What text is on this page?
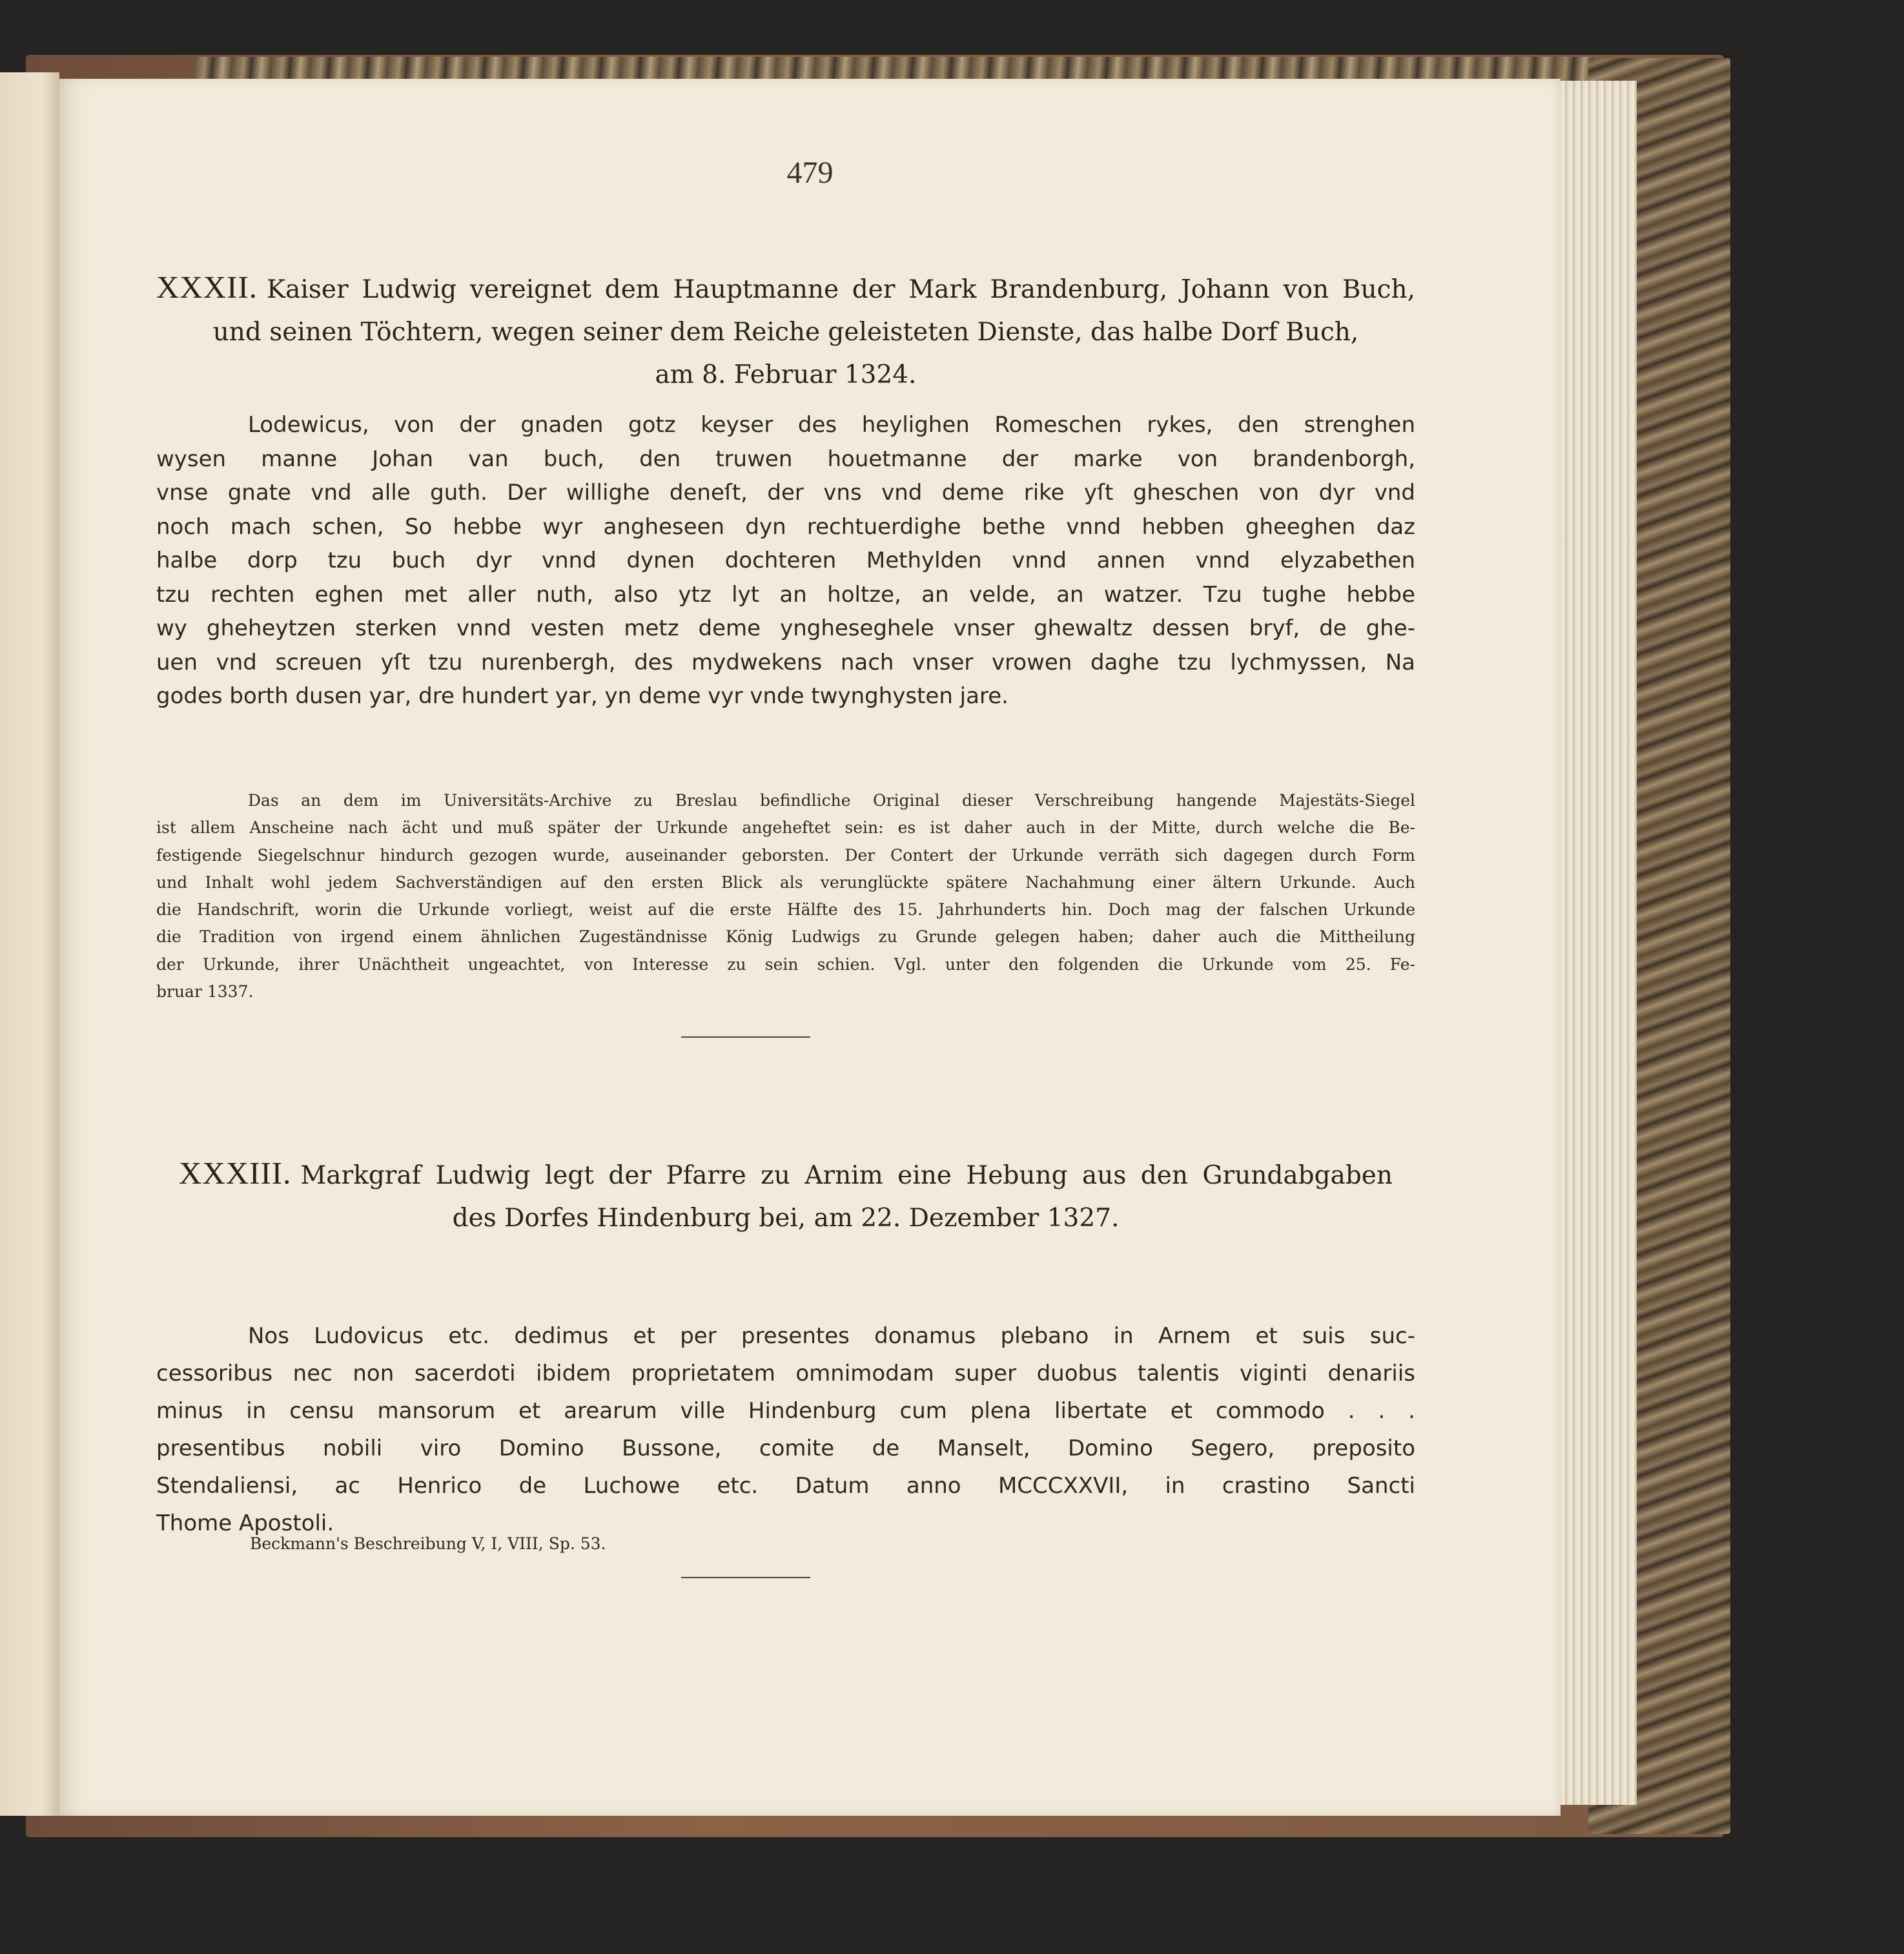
479
XXXII. Kaiser Ludwig vereignet dem Hauptmanne der Mark Brandenburg, Johann von Buch,
und seinen Töchtern, wegen seiner dem Reiche geleisteten Dienste, das halbe Dorf Buch,
am 8. Februar 1324.
Lodewicus, von der gnaden gotz keyser des heylighen Romeschen rykes, den strenghen
wysen manne Johan van buch, den truwen houetmanne der marke von brandenborgh,
vnse gnate vnd alle guth. Der willighe deneſt, der vns vnd deme rike yſt gheschen von dyr vnd
noch mach schen, So hebbe wyr anghesеen dyn rechtuerdighe bethe vnnd hebben gheeghen daz
halbe dorp tzu buch dyr vnnd dynen dochteren Methylden vnnd annen vnnd elyzabethen
tzu rechten eghen met aller nuth, also ytz lyt an holtze, an velde, an watzer. Tzu tughe hebbe
wy gheheytzen sterken vnnd vesten metz deme ynghеseghele vnser ghewaltz dessen bryf, de ghe-
uen vnd screuen yſt tzu nurenbergh, des mydwekens nach vnser vrowen daghe tzu lychmyssen, Na
godes borth dusen yar, dre hundert yar, yn deme vyr vnde twynghysten jare.
Das an dem im Universitäts-Archive zu Breslau befindliche Original dieser Verschreibung hangende Majestäts-Siegel
ist allem Anscheine nach ächt und muß später der Urkunde angeheftet sein: es ist daher auch in der Mitte, durch welche die Be-
festigende Siegelschnur hindurch gezogen wurde, auseinander geborsten. Der Contert der Urkunde verräth sich dagegen durch Form
und Inhalt wohl jedem Sachverständigen auf den ersten Blick als verunglückte spätere Nachahmung einer ältern Urkunde. Auch
die Handschrift, worin die Urkunde vorliegt, weist auf die erste Hälfte des 15. Jahrhunderts hin. Doch mag der falschen Urkunde
die Tradition von irgend einem ähnlichen Zugeständnisse König Ludwigs zu Grunde gelegen haben; daher auch die Mittheilung
der Urkunde, ihrer Unächtheit ungeachtet, von Interesse zu sein schien. Vgl. unter den folgenden die Urkunde vom 25. Fe-
bruar 1337.
XXXIII. Markgraf Ludwig legt der Pfarre zu Arnim eine Hebung aus den Grundabgaben
des Dorfes Hindenburg bei, am 22. Dezember 1327.
Nos Ludovicus etc. dedimus et per presentes donamus plebano in Arnem et suis suc-
cessoribus nec non sacerdoti ibidem proprietatem omnimodam super duobus talentis viginti denariis
minus in censu mansorum et arearum ville Hindenburg cum plena libertate et commodo . . .
presentibus nobili viro Domino Bussone, comite de Manselt, Domino Segero, preposito
Stendaliensi, ac Henrico de Luchowe etc. Datum anno MCCCXXVII, in crastino Sancti
Thome Apostoli.
Beckmann's Beschreibung V, I, VIII, Sp. 53.
